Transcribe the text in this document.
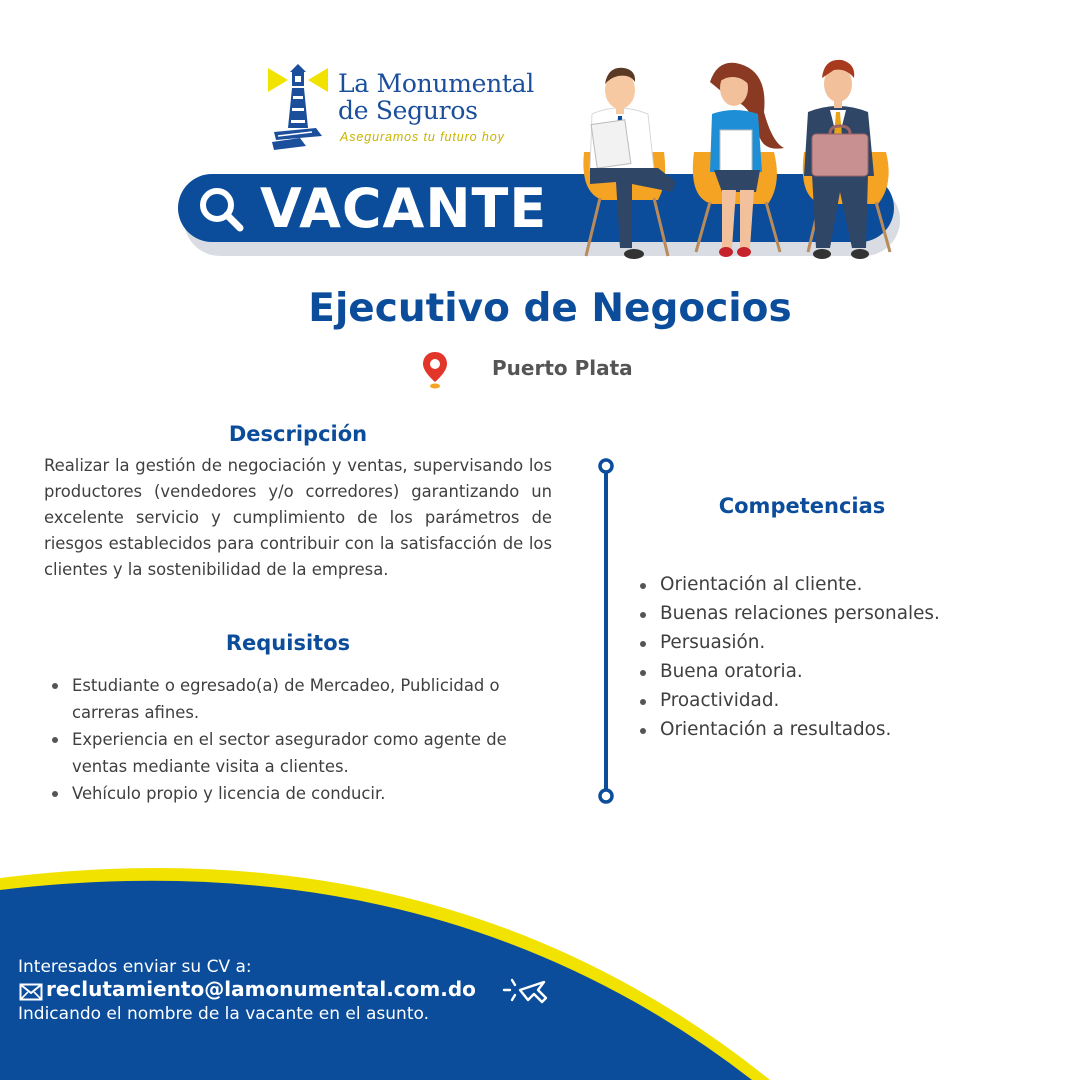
La Monumental
de Seguros
Aseguramos tu futuro hoy
VACANTE
Ejecutivo de Negocios
Puerto Plata
Descripción

Realizar la gestión de negociación y ventas, supervisando los productores (vendedores y/o corredores) garantizando un excelente servicio y cumplimiento de los parámetros de riesgos establecidos para contribuir con la satisfacción de los clientes y la sostenibilidad de la empresa.

Requisitos
Estudiante o egresado(a) de Mercadeo, Publicidad o carreras afines.
Experiencia en el sector asegurador como agente de ventas mediante visita a clientes.
Vehículo propio y licencia de conducir.
Competencias
Orientación al cliente.
Buenas relaciones personales.
Persuasión.
Buena oratoria.
Proactividad.
Orientación a resultados.
Interesados enviar su CV a:
reclutamiento@lamonumental.com.do
Indicando el nombre de la vacante en el asunto.
